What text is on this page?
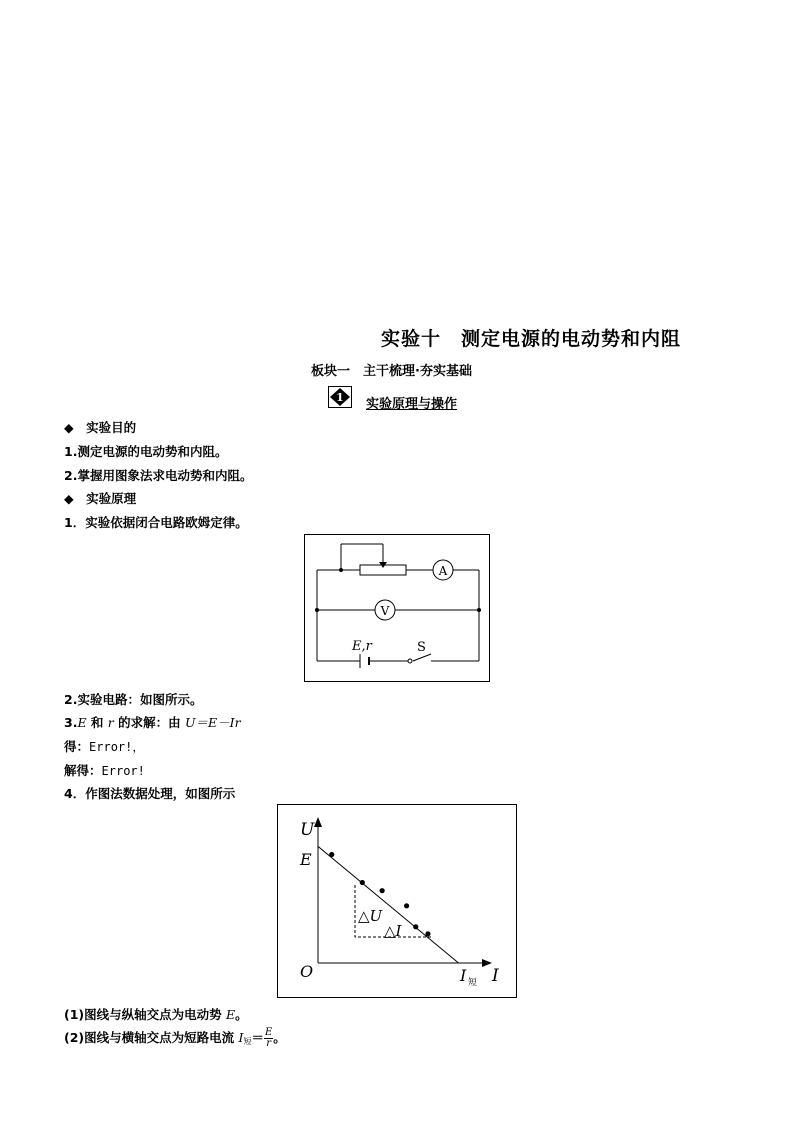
实验十　测定电源的电动势和内阻
板块一　主干梳理·夯实基础
1 实验原理与操作
◆　实验目的
1.测定电源的电动势和内阻。
2.掌握用图象法求电动势和内阻。
◆　实验原理
1．实验依据闭合电路欧姆定律。
A
V
E,r	S
2.实验电路：如图所示。
3.E 和 r 的求解：由 U＝E－Ir
得：Error!，
解得：Error!
4．作图法数据处理，如图所示
U
I
O
E
I 短
△U
△I
(1)图线与纵轴交点为电动势 E。
(2)图线与横轴交点为短路电流 $I_短= \frac{E}{r}$ 。
